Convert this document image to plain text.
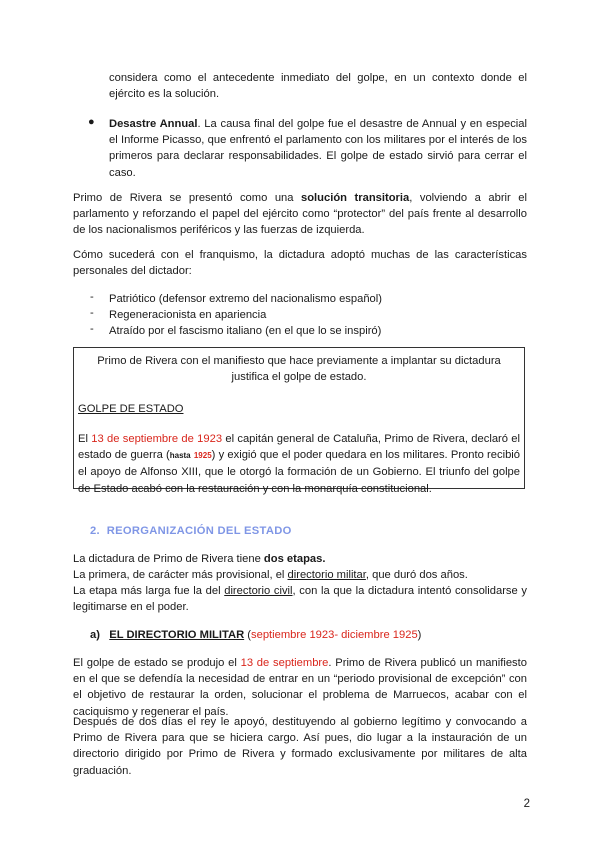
considera como el antecedente inmediato del golpe, en un contexto donde el ejército es la solución.
● Desastre Annual. La causa final del golpe fue el desastre de Annual y en especial el Informe Picasso, que enfrentó el parlamento con los militares por el interés de los primeros para declarar responsabilidades. El golpe de estado sirvió para cerrar el caso.
Primo de Rivera se presentó como una solución transitoria, volviendo a abrir el parlamento y reforzando el papel del ejército como “protector” del país frente al desarrollo de los nacionalismos periféricos y las fuerzas de izquierda.
Cómo sucederá con el franquismo, la dictadura adoptó muchas de las características personales del dictador:
- Patriótico (defensor extremo del nacionalismo español)
- Regeneracionista en apariencia
- Atraído por el fascismo italiano (en el que lo se inspiró)
Primo de Rivera con el manifiesto que hace previamente a implantar su dictadura justifica el golpe de estado.
GOLPE DE ESTADO
El 13 de septiembre de 1923 el capitán general de Cataluña, Primo de Rivera, declaró el estado de guerra (hasta 1925) y exigió que el poder quedara en los militares. Pronto recibió el apoyo de Alfonso XIII, que le otorgó la formación de un Gobierno. El triunfo del golpe de Estado acabó con la restauración y con la monarquía constitucional.
2. REORGANIZACIÓN DEL ESTADO
La dictadura de Primo de Rivera tiene dos etapas.
La primera, de carácter más provisional, el directorio militar, que duró dos años.
La etapa más larga fue la del directorio civil, con la que la dictadura intentó consolidarse y legitimarse en el poder.
a) EL DIRECTORIO MILITAR (septiembre 1923- diciembre 1925)
El golpe de estado se produjo el 13 de septiembre. Primo de Rivera publicó un manifiesto en el que se defendía la necesidad de entrar en un “periodo provisional de excepción” con el objetivo de restaurar la orden, solucionar el problema de Marruecos, acabar con el caciquismo y regenerar el país.
Después de dos días el rey le apoyó, destituyendo al gobierno legítimo y convocando a Primo de Rivera para que se hiciera cargo. Así pues, dio lugar a la instauración de un directorio dirigido por Primo de Rivera y formado exclusivamente por militares de alta graduación.
2
